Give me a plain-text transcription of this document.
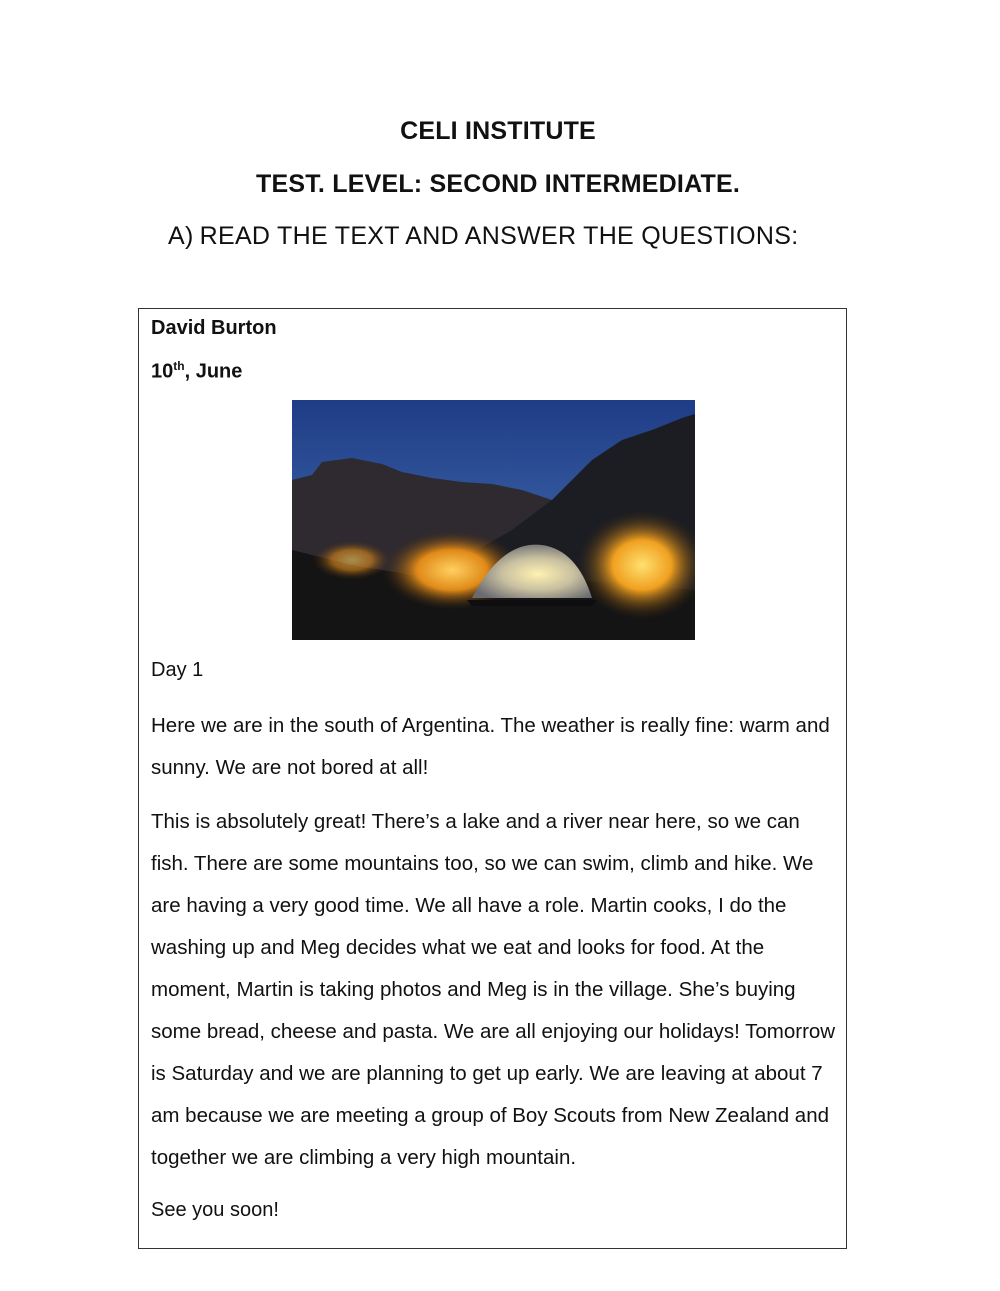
CELI INSTITUTE
TEST. LEVEL: SECOND INTERMEDIATE.
A) READ THE TEXT AND ANSWER THE QUESTIONS:
David Burton
10th, June
Day 1

Here we are in the south of Argentina. The weather is really fine: warm and sunny. We are not bored at all!

This is absolutely great! There’s a lake and a river near here, so we can fish. There are some mountains too, so we can swim, climb and hike. We are having a very good time. We all have a role. Martin cooks, I do the washing up and Meg decides what we eat and looks for food. At the moment, Martin is taking photos and Meg is in the village. She’s buying some bread, cheese and pasta. We are all enjoying our holidays! Tomorrow is Saturday and we are planning to get up early. We are leaving at about 7 am because we are meeting a group of Boy Scouts from New Zealand and together we are climbing a very high mountain.

See you soon!
